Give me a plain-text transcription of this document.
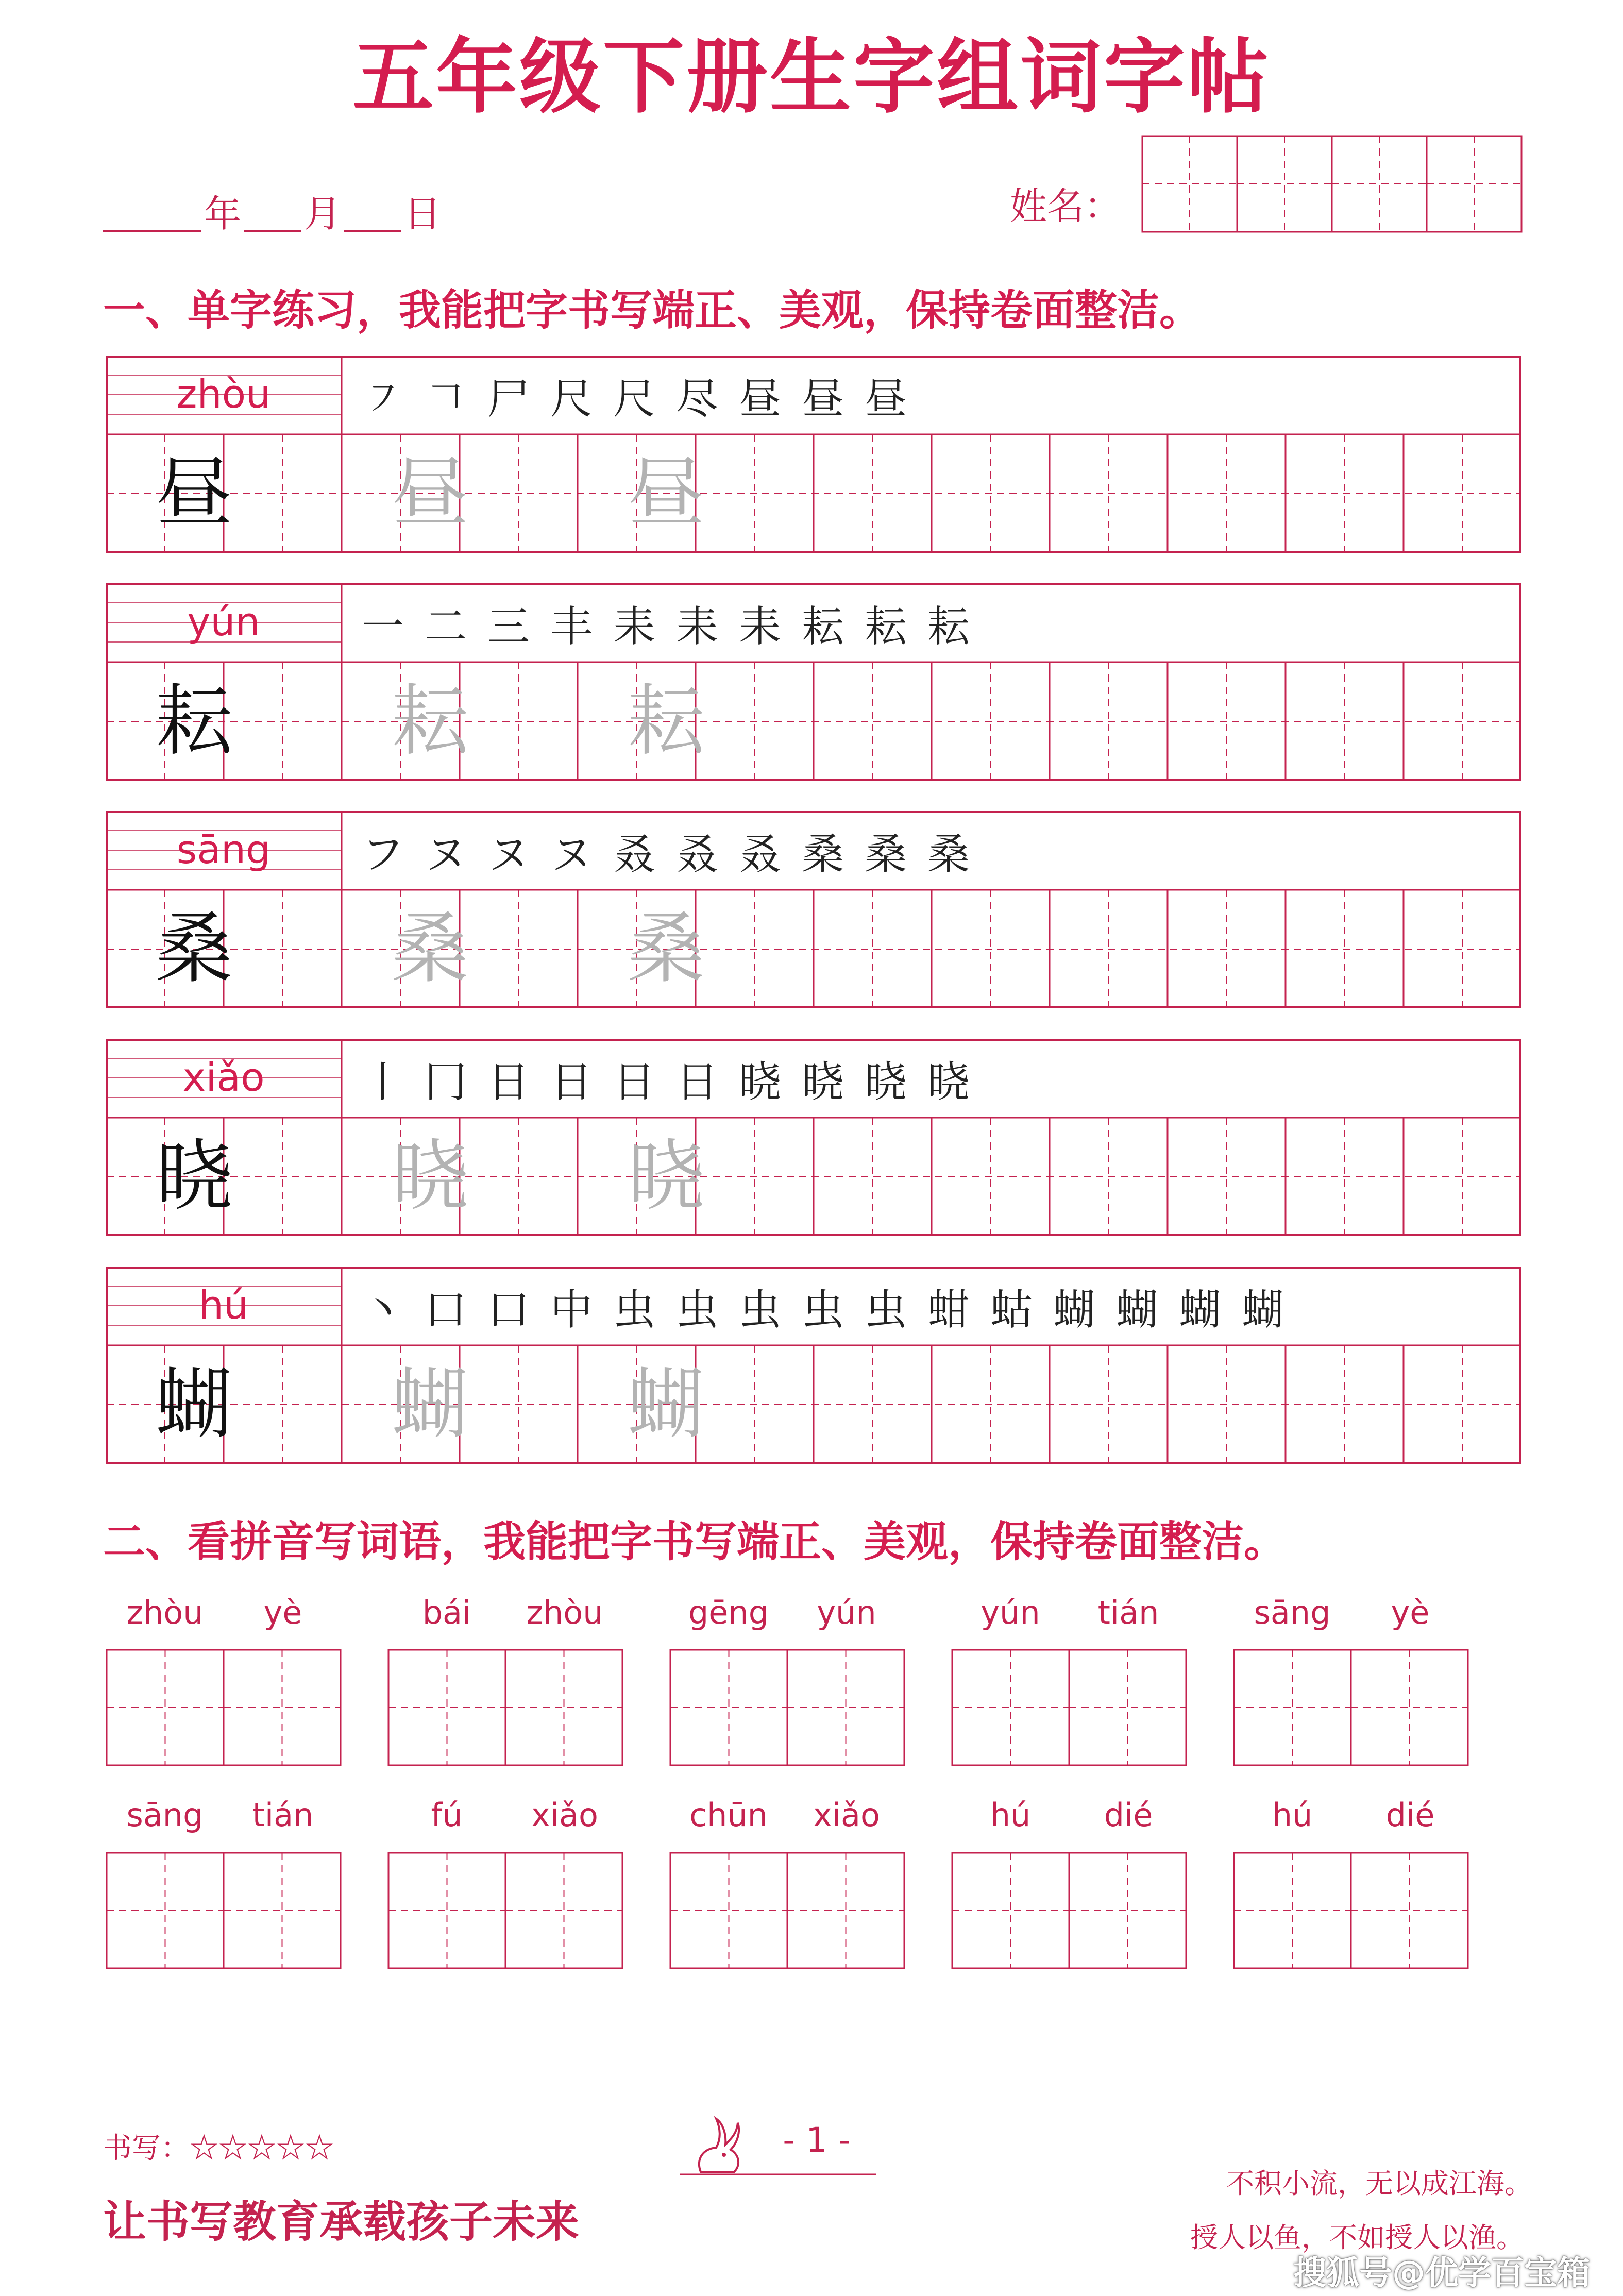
五年级下册生字组词字帖
年 月 日	姓名：
一、单字练习，我能把字书写端正、美观，保持卷面整洁。
zhòu	㇇ 𠃍 尸 尺 尺 尽 昼 昼 昼
昼	昼	昼
yún	一 二 三 丰 耒 耒 耒 耘 耘 耘
耘	耘	耘
sāng	フ ヌ ヌ ヌ 叒 叒 叒 桑 桑 桑
桑	桑	桑
xiǎo	丨 冂 日 日 日 日 晓 晓 晓 晓
晓	晓	晓
hú	丶 口 口 中 虫 虫 虫 虫 虫 蚶 蛄 蝴 蝴 蝴 蝴
蝴	蝴	蝴
二、看拼音写词语，我能把字书写端正、美观，保持卷面整洁。
zhòu	yè	bái	zhòu	gēng	yún	yún	tián	sāng	yè
sāng	tián	fú	xiǎo	chūn	xiǎo	hú	dié	hú	dié
书写：☆☆☆☆☆	- 1 -
让书写教育承载孩子未来
不积小流，无以成江海。
授人以鱼，不如授人以渔。
搜狐号@优学百宝箱
